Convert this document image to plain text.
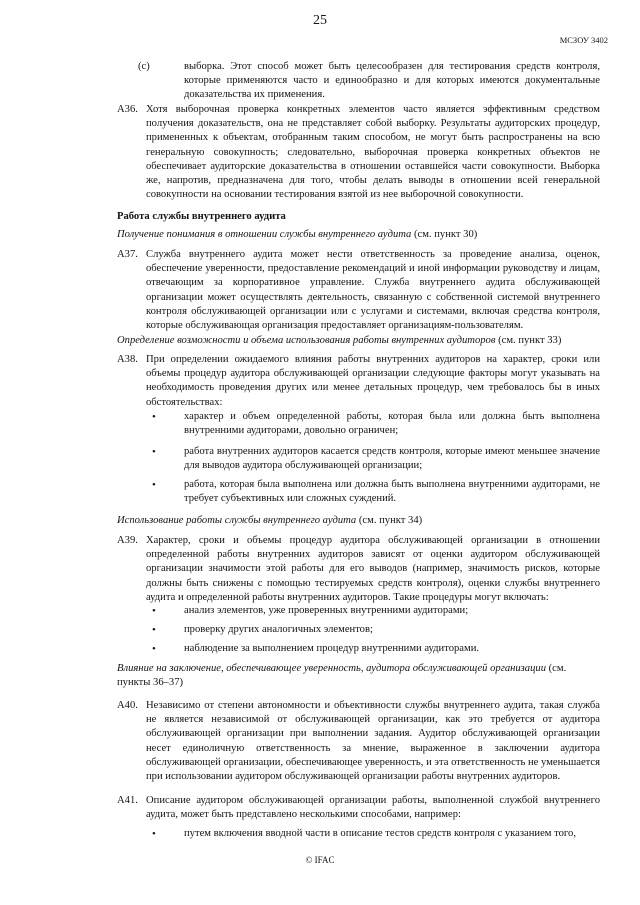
25
МСЗОУ 3402
(c)	выборка. Этот способ может быть целесообразен для тестирования средств контроля, которые применяются часто и единообразно и для которых имеются документальные доказательства их применения.
A36. Хотя выборочная проверка конкретных элементов часто является эффективным средством получения доказательств, она не представляет собой выборку. Результаты аудиторских процедур, примененных к объектам, отобранным таким способом, не могут быть распространены на всю генеральную совокупность; следовательно, выборочная проверка конкретных объектов не обеспечивает аудиторские доказательства в отношении оставшейся части совокупности. Выборка же, напротив, предназначена для того, чтобы делать выводы в отношении всей генеральной совокупности на основании тестирования взятой из нее выборочной совокупности.
Работа службы внутреннего аудита
Получение понимания в отношении службы внутреннего аудита (см. пункт 30)
A37. Служба внутреннего аудита может нести ответственность за проведение анализа, оценок, обеспечение уверенности, предоставление рекомендаций и иной информации руководству и лицам, отвечающим за корпоративное управление. Служба внутреннего аудита обслуживающей организации может осуществлять деятельность, связанную с собственной системой внутреннего контроля обслуживающей организации или с услугами и системами, включая средства контроля, которые обслуживающая организация предоставляет организациям-пользователям.
Определение возможности и объема использования работы внутренних аудиторов (см. пункт 33)
A38. При определении ожидаемого влияния работы внутренних аудиторов на характер, сроки или объемы процедур аудитора обслуживающей организации следующие факторы могут указывать на необходимость проведения других или менее детальных процедур, чем требовалось бы в иных обстоятельствах:
•	характер и объем определенной работы, которая была или должна быть выполнена внутренними аудиторами, довольно ограничен;
•	работа внутренних аудиторов касается средств контроля, которые имеют меньшее значение для выводов аудитора обслуживающей организации;
•	работа, которая была выполнена или должна быть выполнена внутренними аудиторами, не требует субъективных или сложных суждений.
Использование работы службы внутреннего аудита (см. пункт 34)
A39. Характер, сроки и объемы процедур аудитора обслуживающей организации в отношении определенной работы внутренних аудиторов зависят от оценки аудитором обслуживающей организации значимости этой работы для его выводов (например, значимость рисков, которые должны быть снижены с помощью тестируемых средств контроля), оценки службы внутреннего аудита и определенной работы внутренних аудиторов. Такие процедуры могут включать:
•	анализ элементов, уже проверенных внутренними аудиторами;
•	проверку других аналогичных элементов;
•	наблюдение за выполнением процедур внутренними аудиторами.
Влияние на заключение, обеспечивающее уверенность, аудитора обслуживающей организации (см. пункты 36–37)
A40. Независимо от степени автономности и объективности службы внутреннего аудита, такая служба не является независимой от обслуживающей организации, как это требуется от аудитора обслуживающей организации при выполнении задания. Аудитор обслуживающей организации несет единоличную ответственность за мнение, выраженное в заключении аудитора обслуживающей организации, обеспечивающее уверенность, и эта ответственность не уменьшается при использовании аудитором обслуживающей организации работы внутренних аудиторов.
A41. Описание аудитором обслуживающей организации работы, выполненной службой внутреннего аудита, может быть представлено несколькими способами, например:
•	путем включения вводной части в описание тестов средств контроля с указанием того,
© IFAC
